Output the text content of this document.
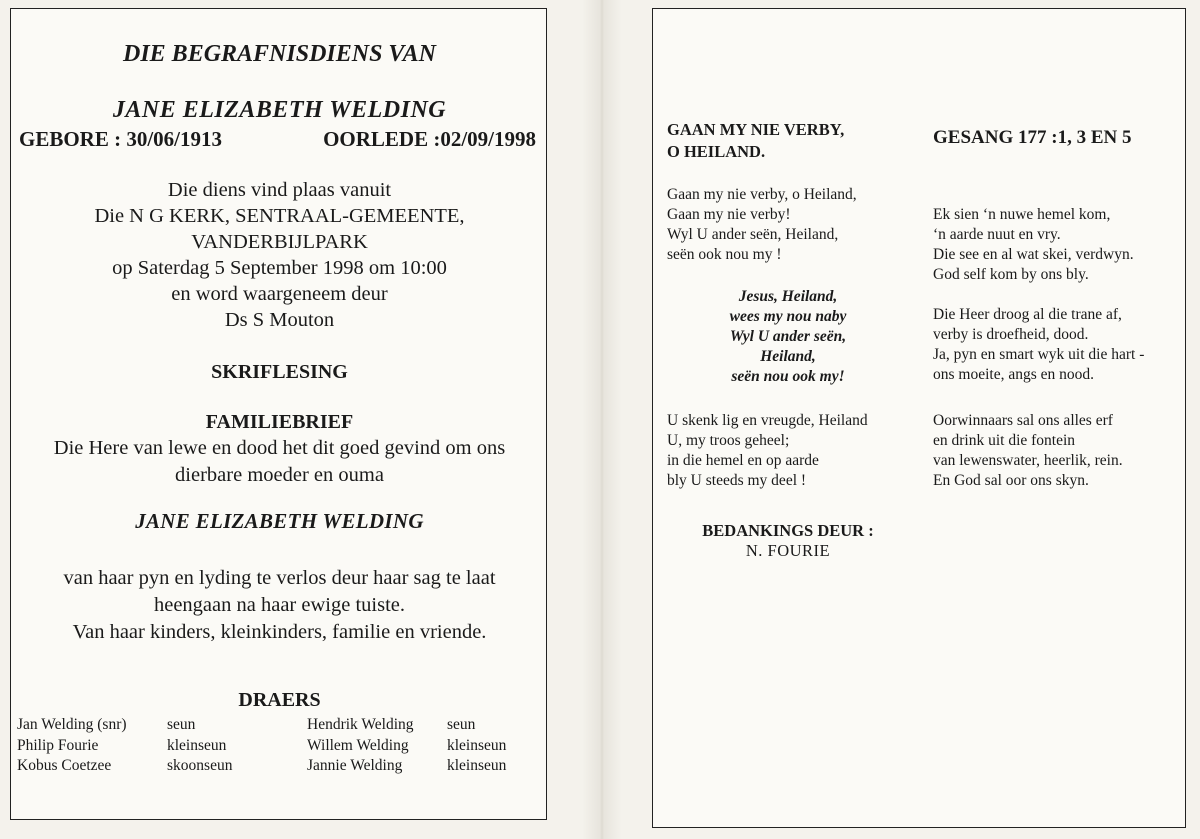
DIE BEGRAFNISDIENS VAN
JANE ELIZABETH WELDING
GEBORE : 30/06/1913	OORLEDE :02/09/1998
Die diens vind plaas vanuit
Die N G KERK, SENTRAAL-GEMEENTE,
VANDERBIJLPARK
op Saterdag 5 September 1998 om 10:00
en word waargeneem deur
Ds S Mouton
SKRIFLESING
FAMILIEBRIEF
Die Here van lewe en dood het dit goed gevind om ons
dierbare moeder en ouma
JANE ELIZABETH WELDING
van haar pyn en lyding te verlos deur haar sag te laat
heengaan na haar ewige tuiste.
Van haar kinders, kleinkinders, familie en vriende.
DRAERS
Jan Welding (snr)	seun	Hendrik Welding	seun
Philip Fourie	kleinseun	Willem Welding	kleinseun
Kobus Coetzee	skoonseun	Jannie Welding	kleinseun
GAAN MY NIE VERBY,
O HEILAND.
GESANG 177 :1, 3 EN 5
Gaan my nie verby, o Heiland,
Gaan my nie verby!
Wyl U ander seën, Heiland,
seën ook nou my !
Jesus, Heiland,
wees my nou naby
Wyl U ander seën,
Heiland,
seën nou ook my!
U skenk lig en vreugde, Heiland
U, my troos geheel;
in die hemel en op aarde
bly U steeds my deel !
BEDANKINGS DEUR :
N. FOURIE
Ek sien ‘n nuwe hemel kom,
‘n aarde nuut en vry.
Die see en al wat skei, verdwyn.
God self kom by ons bly.
Die Heer droog al die trane af,
verby is droefheid, dood.
Ja, pyn en smart wyk uit die hart -
ons moeite, angs en nood.
Oorwinnaars sal ons alles erf
en drink uit die fontein
van lewenswater, heerlik, rein.
En God sal oor ons skyn.
